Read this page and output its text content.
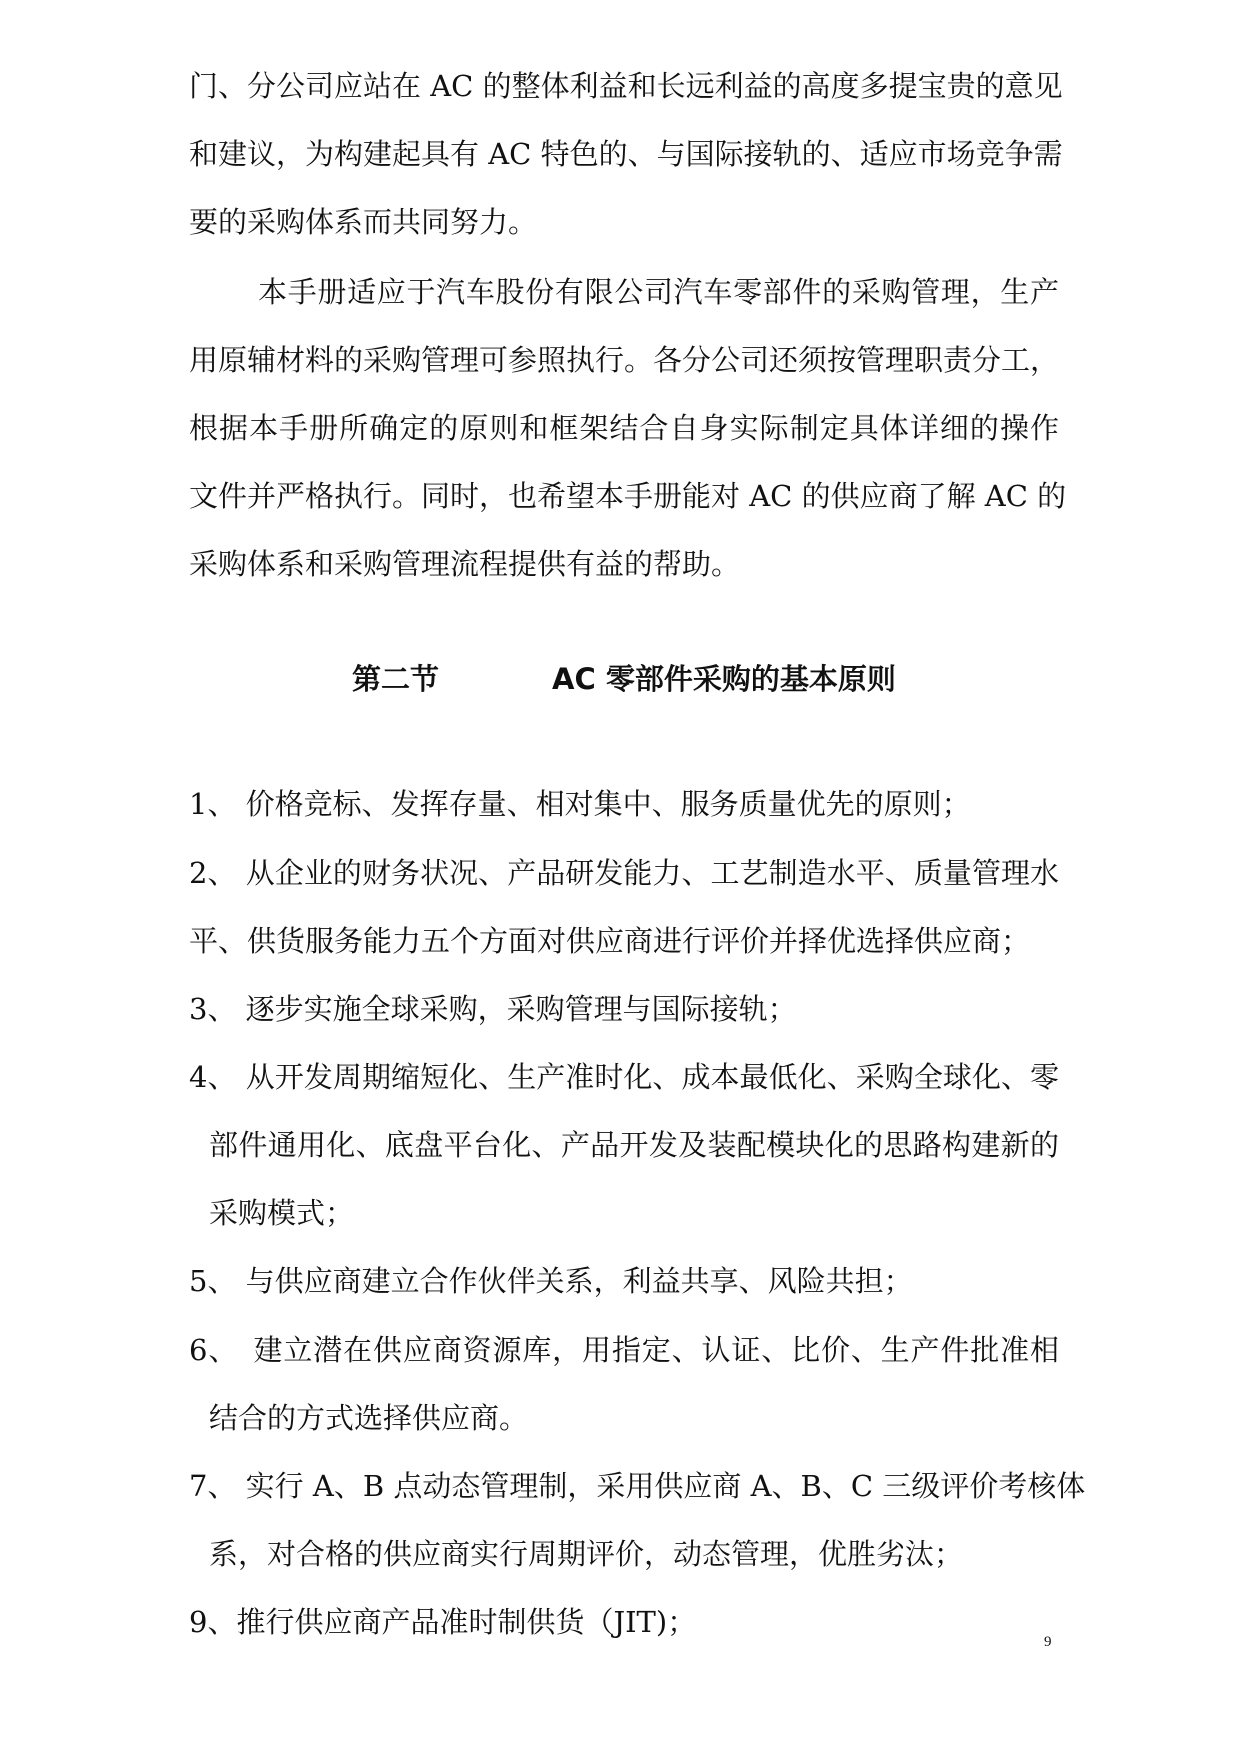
门、分公司应站在 AC 的整体利益和长远利益的高度多提宝贵的意见

和建议，为构建起具有 AC 特色的、与国际接轨的、适应市场竞争需

要的采购体系而共同努力。

本手册适应于汽车股份有限公司汽车零部件的采购管理，生产

用原辅材料的采购管理可参照执行。各分公司还须按管理职责分工，

根据本手册所确定的原则和框架结合自身实际制定具体详细的操作

文件并严格执行。同时，也希望本手册能对 AC 的供应商了解 AC 的

采购体系和采购管理流程提供有益的帮助。

第二节	AC 零部件采购的基本原则
1、 价格竞标、发挥存量、相对集中、服务质量优先的原则；
2、 从企业的财务状况、产品研发能力、工艺制造水平、质量管理水
平、供货服务能力五个方面对供应商进行评价并择优选择供应商；
3、 逐步实施全球采购，采购管理与国际接轨；
4、 从开发周期缩短化、生产准时化、成本最低化、采购全球化、零
部件通用化、底盘平台化、产品开发及装配模块化的思路构建新的
采购模式；
5、 与供应商建立合作伙伴关系，利益共享、风险共担；
6、　建立潜在供应商资源库，用指定、认证、比价、生产件批准相
结合的方式选择供应商。
7、 实行 A、B 点动态管理制，采用供应商 A、B、C 三级评价考核体
系，对合格的供应商实行周期评价，动态管理，优胜劣汰；
9、推行供应商产品准时制供货（JIT)；
9
